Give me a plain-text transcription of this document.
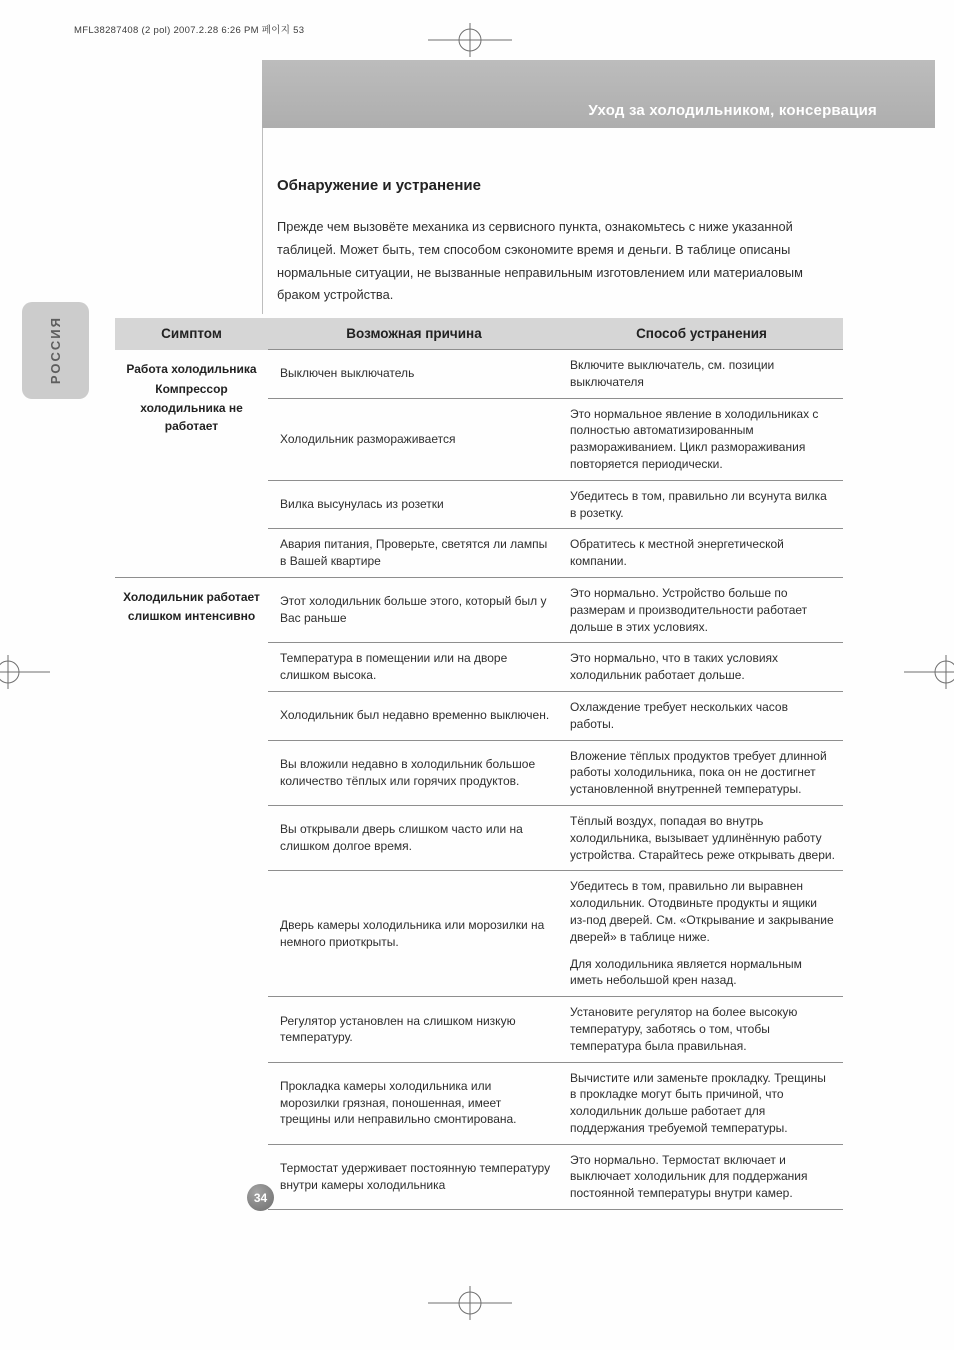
MFL38287408 (2 pol) 2007.2.28 6:26 PM 페이지 53
Уход за холодильником, консервация
РОССИЯ
Обнаружение и устранение
Прежде чем вызовёте механика из сервисного пункта, ознакомьтесь с ниже указанной таблицей. Может быть, тем способом сэкономите время и деньги. В таблице описаны нормальные ситуации, не вызванные неправильным изготовлением или материаловым браком устройства.
Симптом	Возможная причина	Способ устранения

Работа холодильника
Компрессор холодильника не работает	Выключен выключатель	Включите выключатель, см. позиции выключателя
	Холодильник размораживается	Это нормальное явление в холодильниках с полностью автоматизированным размораживанием. Цикл размораживания повторяется периодически.
	Вилка высунулась из розетки	Убедитесь в том, правильно ли всунута вилка в розетку.
	Авария питания, Проверьте, светятся ли лампы в Вашей квартире	Обратитесь к местной энергетической компании.

Холодильник работает слишком интенсивно	Этот холодильник больше этого, который был у Вас раньше	Это нормально. Устройство больше по размерам и производительности работает дольше в этих условиях.
	Температура в помещении или на дворе слишком высока.	Это нормально, что в таких условиях холодильник работает дольше.
	Холодильник был недавно временно выключен.	Охлаждение требует нескольких часов работы.
	Вы вложили недавно в холодильник большое количество тёплых или горячих продуктов.	Вложение тёплых продуктов требует длинной работы холодильника, пока он не достигнет установленной внутренней температуры.
	Вы открывали дверь слишком часто или на слишком долгое время.	Тёплый воздух, попадая во внутрь холодильника, вызывает удлинённую работу устройства. Старайтесь реже открывать двери.
	Дверь камеры холодильника или морозилки на немного приоткрыты.	Убедитесь в том, правильно ли выравнен холодильник. Отодвиньте продукты и ящики из-под дверей. См. «Открывание и закрывание дверей» в таблице ниже.
Для холодильника является нормальным иметь небольшой крен назад.

	Регулятор установлен на слишком низкую температуру.	Установите регулятор на более высокую температуру, заботясь о том, чтобы температура была правильная.
	Прокладка камеры холодильника или морозилки грязная, поношенная, имеет трещины или неправильно смонтирована.	Вычистите или заменьте прокладку. Трещины в прокладке могут быть причиной, что холодильник дольше работает для поддержания требуемой температуры.
	Термостат удерживает постоянную температуру внутри камеры холодильника	Это нормально. Термостат включает и выключает холодильник для поддержания постоянной температуры внутри камер.
34
